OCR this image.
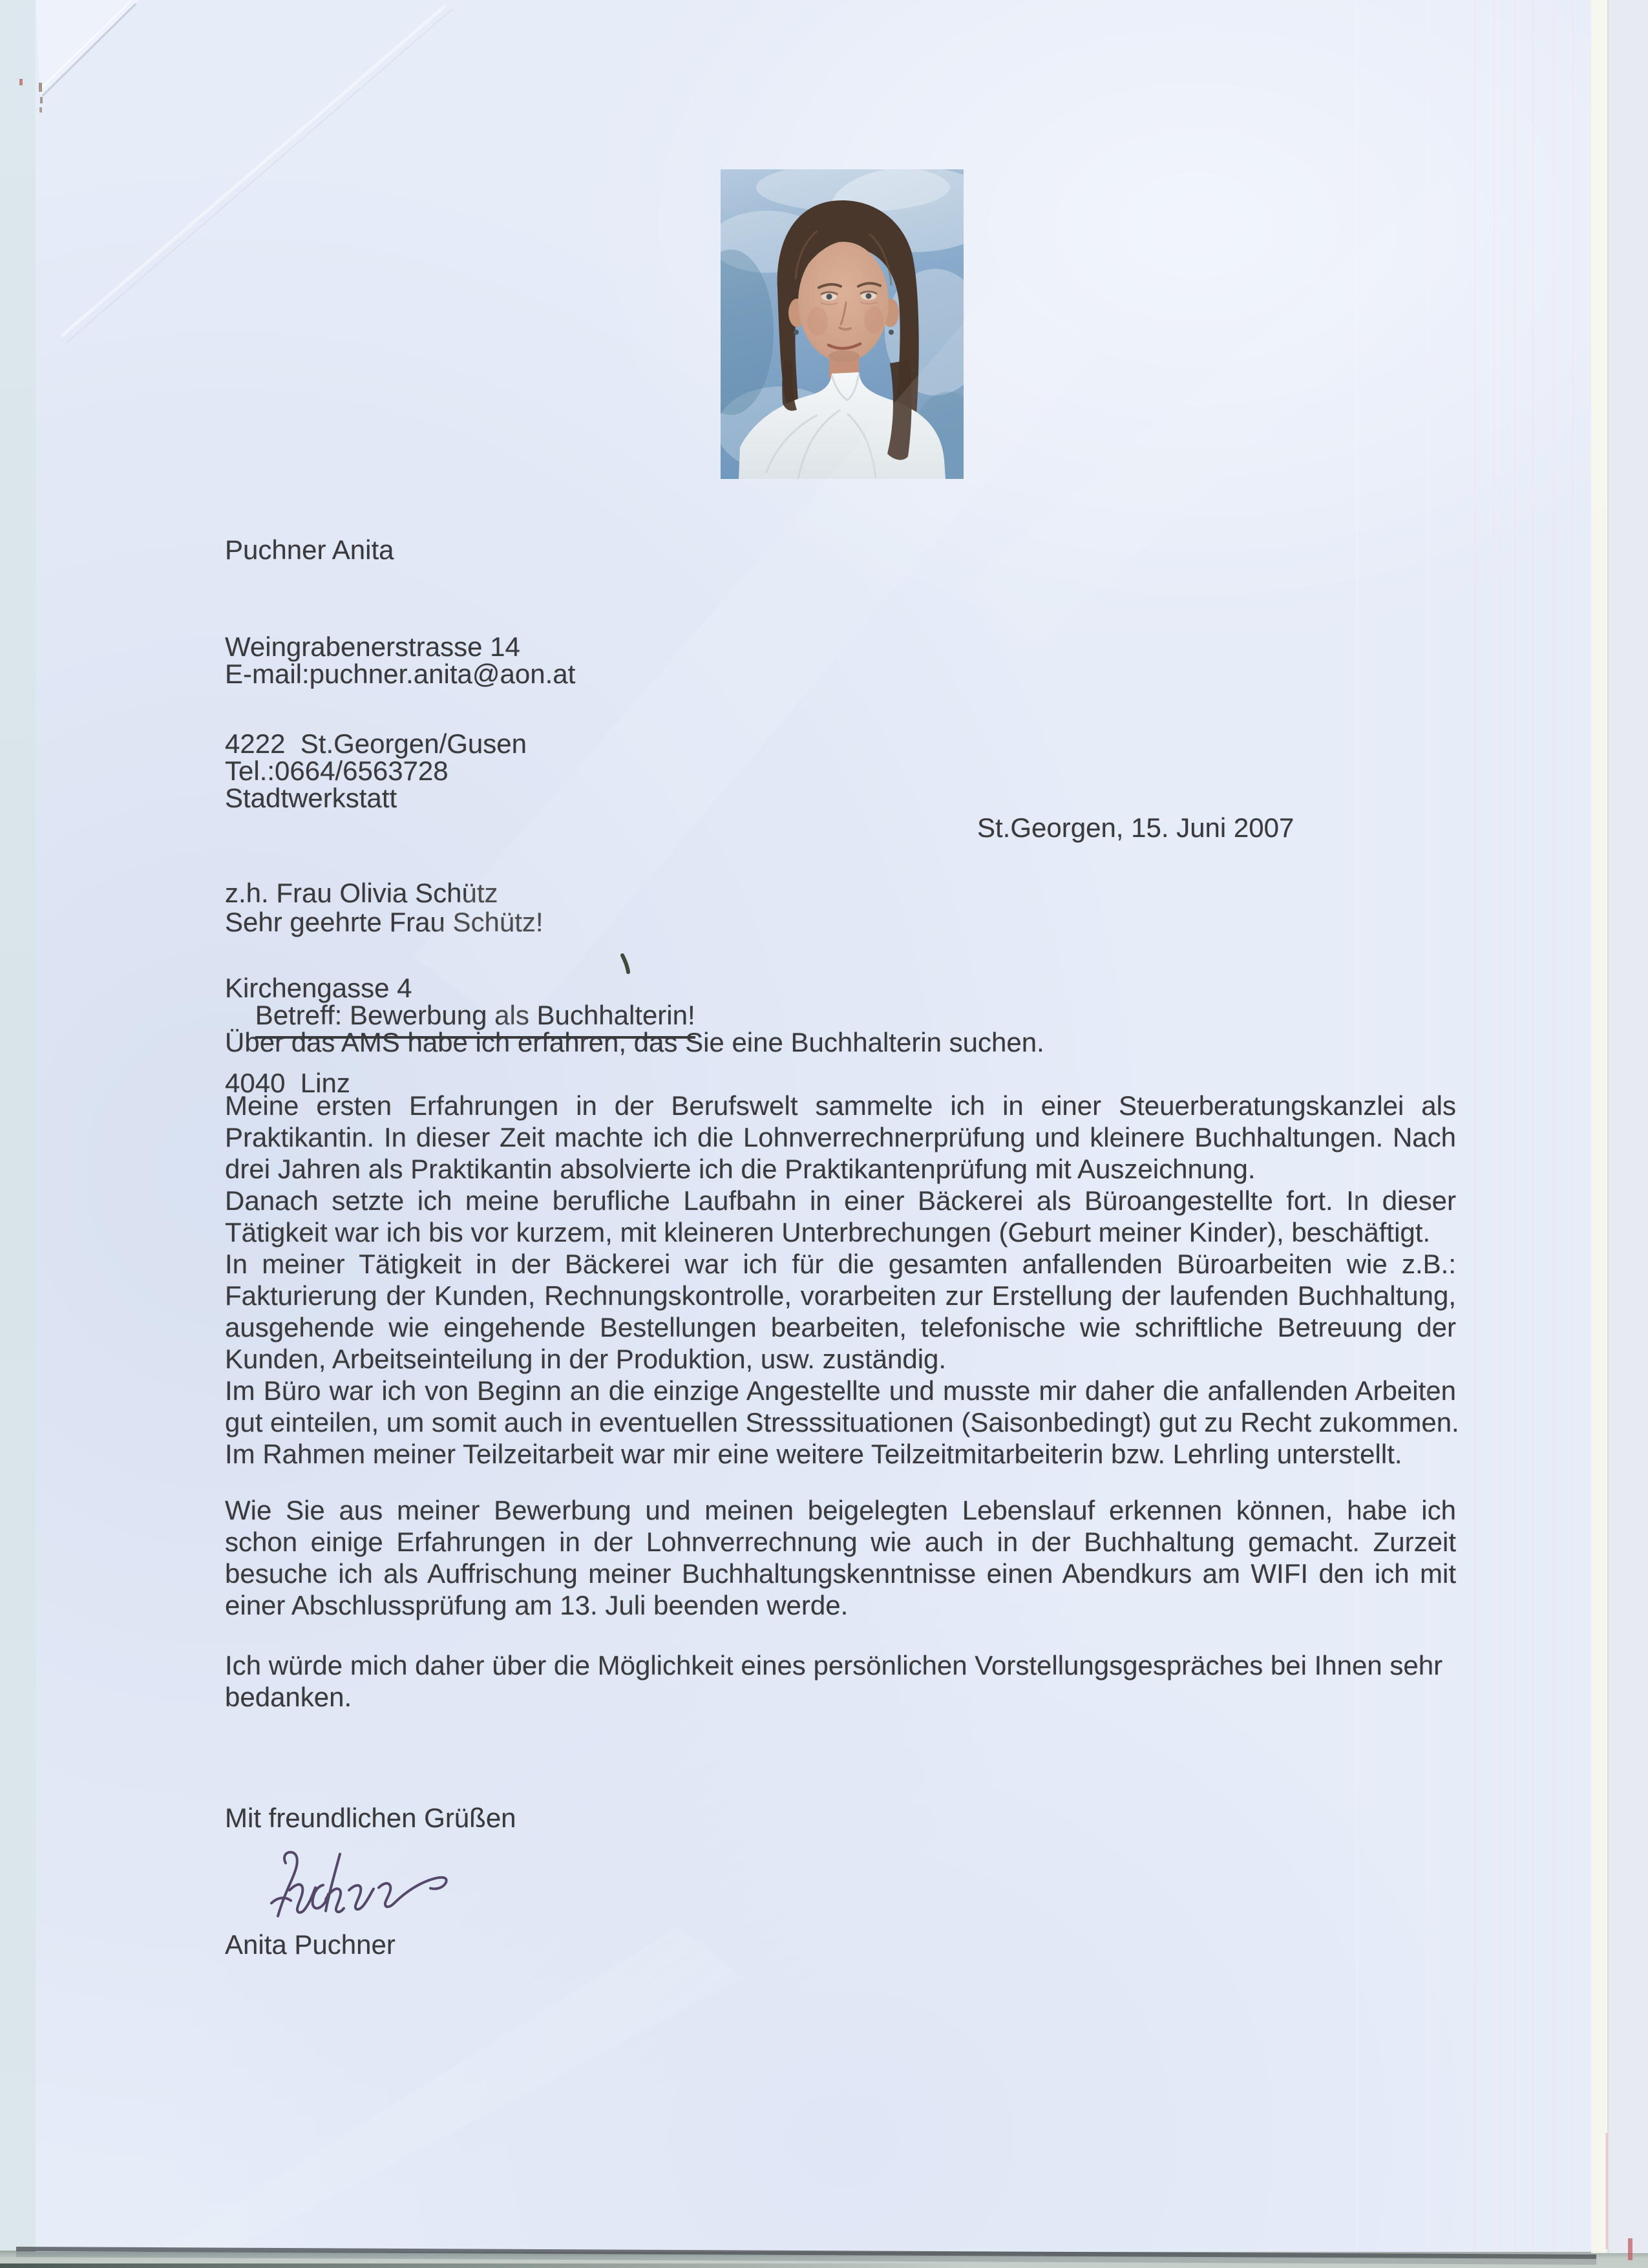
Puchner Anita

Weingrabenerstrasse 14

4222  St.Georgen/Gusen

E-mail:puchner.anita@aon.at

Tel.:0664/6563728

Stadtwerkstatt

z.h. Frau Olivia Schütz

Kirchengasse 4

4040  Linz

St.Georgen, 15. Juni 2007
Sehr geehrte Frau Schütz!

Betreff: Bewerbung als Buchhalterin!

Über das AMS habe ich erfahren, das Sie eine Buchhalterin suchen.
Meine ersten Erfahrungen in der Berufswelt sammelte ich in einer Steuerberatungskanzlei als
Praktikantin. In dieser Zeit machte ich die Lohnverrechnerprüfung und kleinere Buchhaltungen. Nach
drei Jahren als Praktikantin absolvierte ich die Praktikantenprüfung mit Auszeichnung.
Danach setzte ich meine berufliche Laufbahn in einer Bäckerei als Büroangestellte fort. In dieser
Tätigkeit war ich bis vor kurzem, mit kleineren Unterbrechungen (Geburt meiner Kinder), beschäftigt.
In meiner Tätigkeit in der Bäckerei war ich für die gesamten anfallenden Büroarbeiten wie z.B.:
Fakturierung der Kunden, Rechnungskontrolle, vorarbeiten zur Erstellung der laufenden Buchhaltung,
ausgehende wie eingehende Bestellungen bearbeiten, telefonische wie schriftliche Betreuung der
Kunden, Arbeitseinteilung in der Produktion, usw. zuständig.
Im Büro war ich von Beginn an die einzige Angestellte und musste mir daher die anfallenden Arbeiten
gut einteilen, um somit auch in eventuellen Stresssituationen (Saisonbedingt) gut zu Recht zukommen.
Im Rahmen meiner Teilzeitarbeit war mir eine weitere Teilzeitmitarbeiterin bzw. Lehrling unterstellt.
Wie Sie aus meiner Bewerbung und meinen beigelegten Lebenslauf erkennen können, habe ich
schon einige Erfahrungen in der Lohnverrechnung wie auch in der Buchhaltung gemacht. Zurzeit
besuche ich als Auffrischung meiner Buchhaltungskenntnisse einen Abendkurs am WIFI den ich mit
einer Abschlussprüfung am 13. Juli beenden werde.
Ich würde mich daher über die Möglichkeit eines persönlichen Vorstellungsgespräches bei Ihnen sehr
bedanken.
Mit freundlichen Grüßen
Anita Puchner
